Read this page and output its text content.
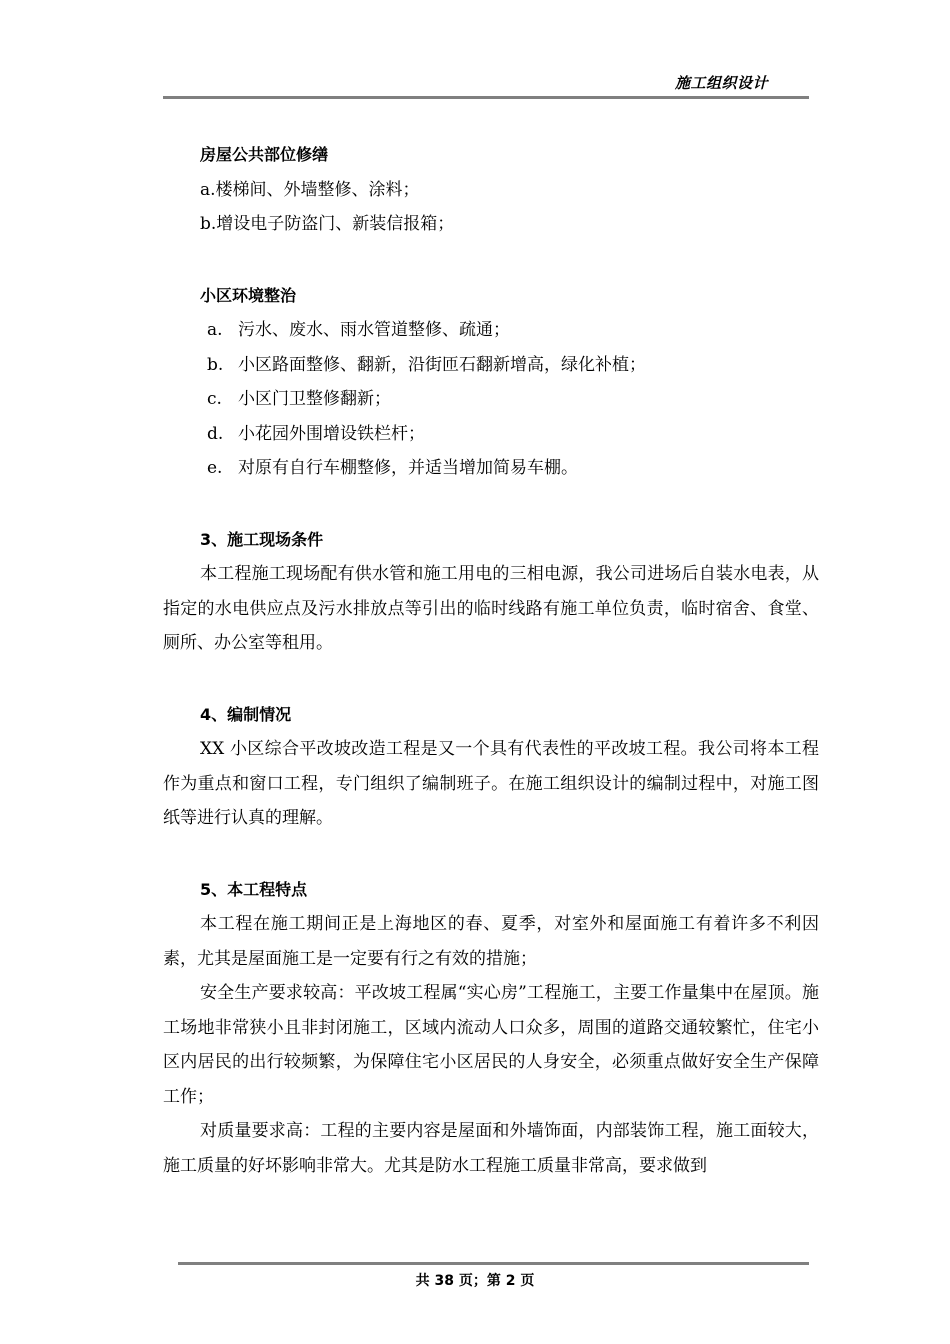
施工组织设计

房屋公共部位修缮

a.楼梯间、外墙整修、涂料；

b.增设电子防盗门、新装信报箱；

小区环境整治

a. 污水、废水、雨水管道整修、疏通；
b. 小区路面整修、翻新，沿街匝石翻新增高，绿化补植；
c. 小区门卫整修翻新；
d. 小花园外围增设铁栏杆；
e. 对原有自行车棚整修，并适当增加简易车棚。

3、施工现场条件

本工程施工现场配有供水管和施工用电的三相电源，我公司进场后自装水电表，从指定的水电供应点及污水排放点等引出的临时线路有施工单位负责，临时宿舍、食堂、厕所、办公室等租用。

4、编制情况

XX 小区综合平改坡改造工程是又一个具有代表性的平改坡工程。我公司将本工程作为重点和窗口工程，专门组织了编制班子。在施工组织设计的编制过程中，对施工图纸等进行认真的理解。

5、本工程特点

本工程在施工期间正是上海地区的春、夏季，对室外和屋面施工有着许多不利因素，尤其是屋面施工是一定要有行之有效的措施；

安全生产要求较高：平改坡工程属“实心房”工程施工，主要工作量集中在屋顶。施工场地非常狭小且非封闭施工，区域内流动人口众多，周围的道路交通较繁忙，住宅小区内居民的出行较频繁，为保障住宅小区居民的人身安全，必须重点做好安全生产保障工作；

对质量要求高：工程的主要内容是屋面和外墙饰面，内部装饰工程，施工面较大，施工质量的好坏影响非常大。尤其是防水工程施工质量非常高，要求做到

共 38 页；第 2 页
